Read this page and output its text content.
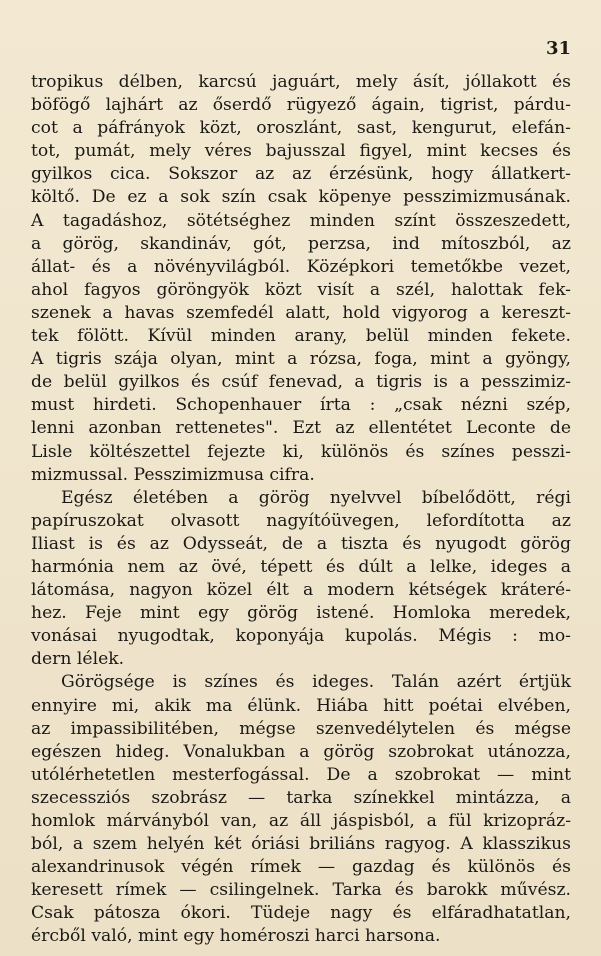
31
tropikus délben, karcsú jaguárt, mely ásít, jóllakott és
böfögő lajhárt az őserdő rügyező ágain, tigrist, párdu-
cot a páfrányok közt, oroszlánt, sast, kengurut, elefán-
tot, pumát, mely véres bajusszal figyel, mint kecses és
gyilkos cica. Sokszor az az érzésünk, hogy állatkert-
költő. De ez a sok szín csak köpenye pesszimizmusának.
A tagadáshoz, sötétséghez minden színt összeszedett,
a görög, skandináv, gót, perzsa, ind mítoszból, az
állat- és a növényvilágból. Középkori temetőkbe vezet,
ahol fagyos göröngyök közt visít a szél, halottak fek-
szenek a havas szemfedél alatt, hold vigyorog a kereszt-
tek fölött. Kívül minden arany, belül minden fekete.
A tigris szája olyan, mint a rózsa, foga, mint a gyöngy,
de belül gyilkos és csúf fenevad, a tigris is a pesszimiz-
must hirdeti. Schopenhauer írta : „csak nézni szép,
lenni azonban rettenetes". Ezt az ellentétet Leconte de
Lisle költészettel fejezte ki, különös és színes pesszi-
mizmussal. Pesszimizmusa cifra.
Egész életében a görög nyelvvel bíbelődött, régi
papíruszokat olvasott nagyítóüvegen, lefordította az
Iliast is és az Odysseát, de a tiszta és nyugodt görög
harmónia nem az övé, tépett és dúlt a lelke, ideges a
látomása, nagyon közel élt a modern kétségek kráteré-
hez. Feje mint egy görög istené. Homloka meredek,
vonásai nyugodtak, koponyája kupolás. Mégis : mo-
dern lélek.
Görögsége is színes és ideges. Talán azért értjük
ennyire mi, akik ma élünk. Hiába hitt poétai elvében,
az impassibilitében, mégse szenvedélytelen és mégse
egészen hideg. Vonalukban a görög szobrokat utánozza,
utólérhetetlen mesterfogással. De a szobrokat — mint
szecessziós szobrász — tarka színekkel mintázza, a
homlok márványból van, az áll jáspisból, a fül krizopráz-
ból, a szem helyén két óriási briliáns ragyog. A klasszikus
alexandrinusok végén rímek — gazdag és különös és
keresett rímek — csilingelnek. Tarka és barokk művész.
Csak pátosza ókori. Tüdeje nagy és elfáradhatatlan,
ércből való, mint egy homéroszi harci harsona.
